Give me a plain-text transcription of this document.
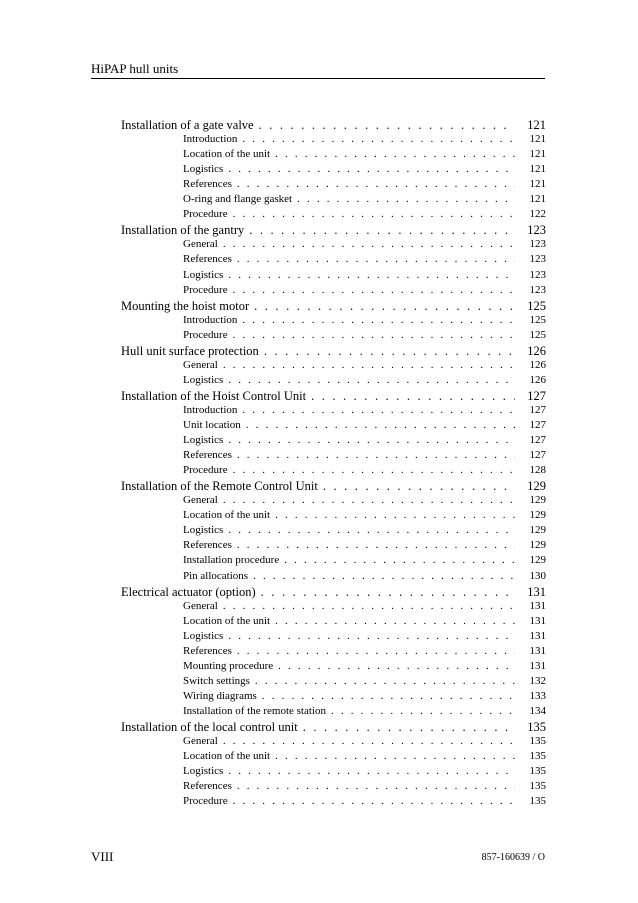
HiPAP hull units
Installation of a gate valve . . .	121
Introduction . . .	121
Location of the unit . . .	121
Logistics . . .	121
References . . .	121
O-ring and flange gasket . . .	121
Procedure . . .	122
Installation of the gantry . . .	123
General . . .	123
References . . .	123
Logistics . . .	123
Procedure . . .	123
Mounting the hoist motor . . .	125
Introduction . . .	125
Procedure . . .	125
Hull unit surface protection . . .	126
General . . .	126
Logistics . . .	126
Installation of the Hoist Control Unit . . .	127
Introduction . . .	127
Unit location . . .	127
Logistics . . .	127
References . . .	127
Procedure . . .	128
Installation of the Remote Control Unit . . .	129
General . . .	129
Location of the unit . . .	129
Logistics . . .	129
References . . .	129
Installation procedure . . .	129
Pin allocations . . .	130
Electrical actuator (option) . . .	131
General . . .	131
Location of the unit . . .	131
Logistics . . .	131
References . . .	131
Mounting procedure . . .	131
Switch settings . . .	132
Wiring diagrams . . .	133
Installation of the remote station . . .	134
Installation of the local control unit . . .	135
General . . .	135
Location of the unit . . .	135
Logistics . . .	135
References . . .	135
Procedure . . .	135
VIII	857-160639 / O
